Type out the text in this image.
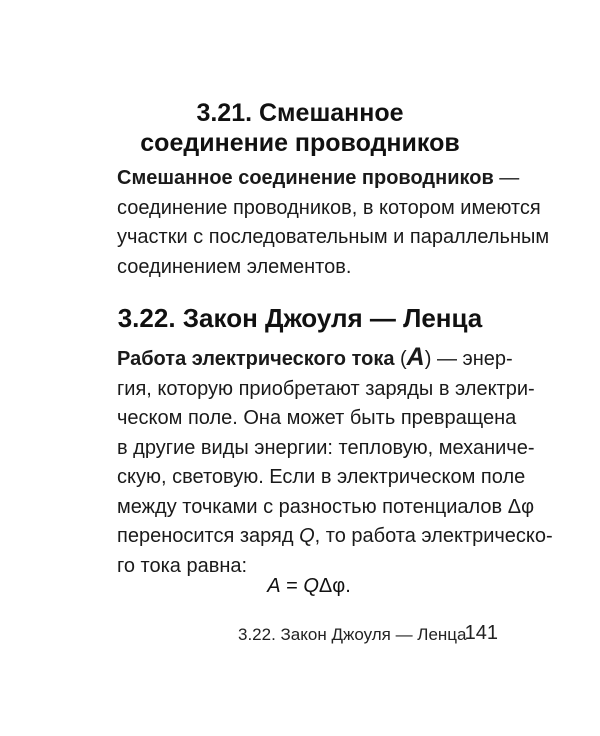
3.21. Смешанное
соединение проводников
Смешанное соединение проводников —
соединение проводников, в котором имеются
участки с последовательным и параллельным
соединением элементов.
3.22. Закон Джоуля — Ленца
Работа электрического тока (A) — энер-
гия, которую приобретают заряды в электри-
ческом поле. Она может быть превращена
в другие виды энергии: тепловую, механиче-
скую, световую. Если в электрическом поле
между точками с разностью потенциалов Δφ
переносится заряд Q, то работа электрическо-
го тока равна:
A = QΔφ.
3.22. Закон Джоуля — Ленца
141
